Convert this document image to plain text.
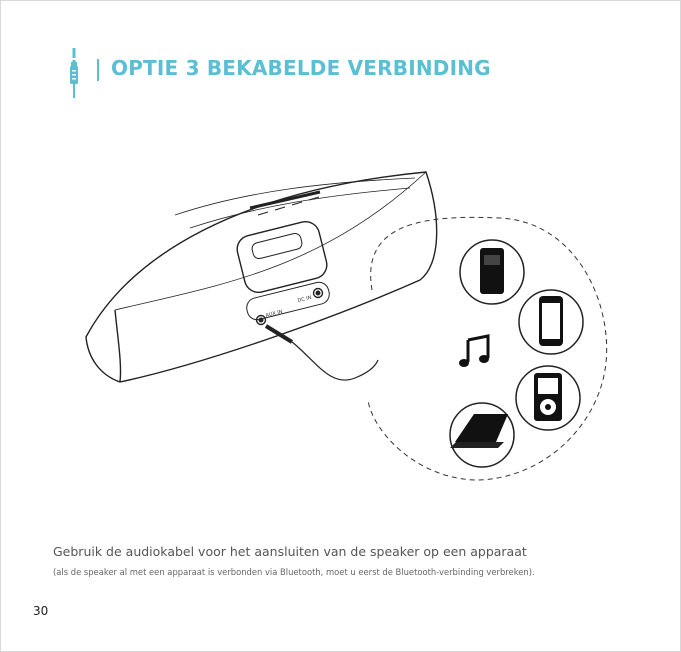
OPTIE 3 BEKABELDE VERBINDING
AUX IN
DC IN
Gebruik de audiokabel voor het aansluiten van de speaker op een apparaat
(als de speaker al met een apparaat is verbonden via Bluetooth, moet u eerst de Bluetooth-verbinding verbreken).
30
